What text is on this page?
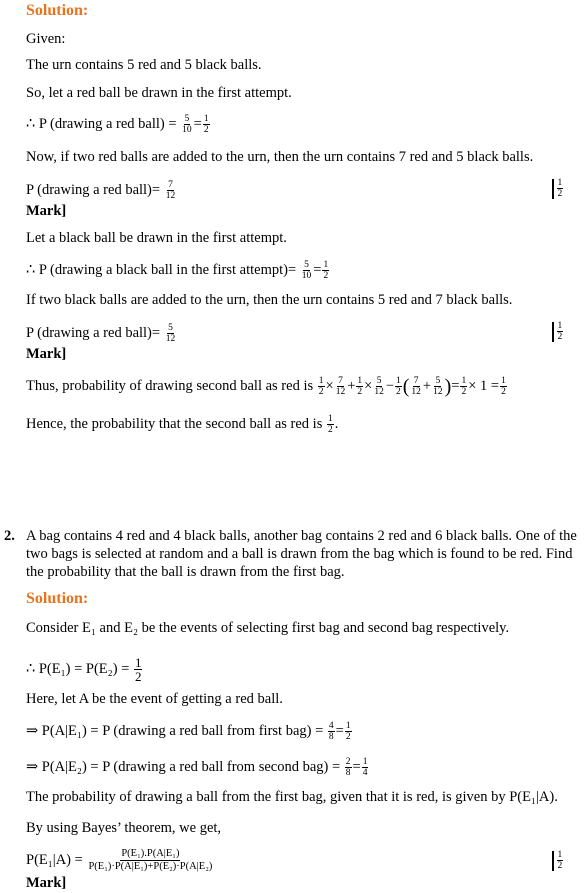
Solution:
Given:
The urn contains 5 red and 5 black balls.
So, let a red ball be drawn in the first attempt.
∴ P (drawing a red ball) = $\frac{5}{10} = \frac{1}{2}$
Now, if two red balls are added to the urn, then the urn contains 7 red and 5 black balls.
P (drawing a red ball)= $\frac{7}{12}$	$\frac{1}{2}$
Mark]
Let a black ball be drawn in the first attempt.
∴ P (drawing a black ball in the first attempt)= $\frac{5}{10} = \frac{1}{2}$
If two black balls are added to the urn, then the urn contains 5 red and 7 black balls.
P (drawing a red ball)= $\frac{5}{12}$	$\frac{1}{2}$
Mark]
Thus, probability of drawing second ball as red is $\frac{1}{2} \times \frac{7}{12} + \frac{1}{2} \times \frac{5}{12} - \frac{1}{2}$ ( $\frac{7}{12} + \frac{5}{12}$ )= $\frac{1}{2} \times 1 = \frac{1}{2}$
Hence, the probability that the second ball as red is $\frac{1}{2}$ .
2. A bag contains 4 red and 4 black balls, another bag contains 2 red and 6 black balls. One of the two bags is selected at random and a ball is drawn from the bag which is found to be red. Find the probability that the ball is drawn from the first bag.
Solution:
Consider E₁ and E₂ be the events of selecting first bag and second bag respectively.
∴ $P(E_1) = P(E_2) = \frac{1}{2}$
Here, let A be the event of getting a red ball.
⇒ P(A|E₁) = P (drawing a red ball from first $bag) = \frac{4}{8} = \frac{1}{2}$
⇒ P(A|E₂) = P (drawing a red ball from second $bag) = \frac{2}{8} = \frac{1}{4}$
The probability of drawing a ball from the first bag, given that it is red, is given by P(E₁|A).
By using Bayes’ theorem, we get,
$P(E_1|A) = \frac{\text{P(E₁).P(A|E₁)}}{\text{P(E₁)·P(A|E₁)+P(E₂)·P(A|E₂)}}$	$\frac{1}{2}$
Mark]
